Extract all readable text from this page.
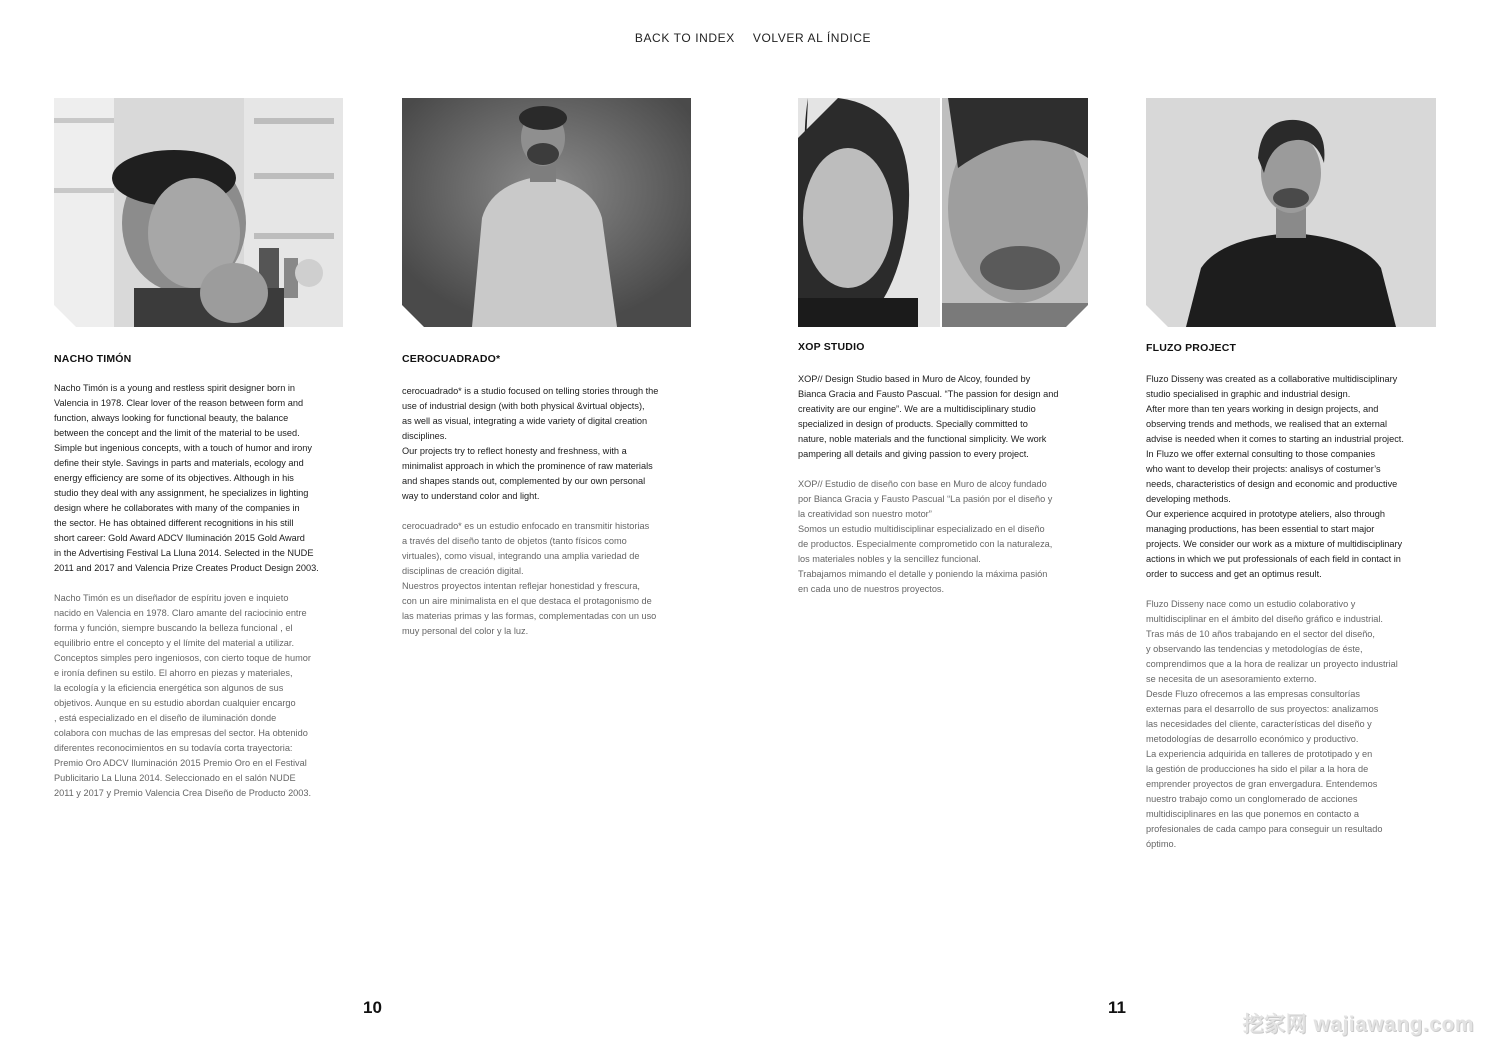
BACK TO INDEX VOLVER AL ÍNDICE
NACHO TIMÓN
Nacho Timón is a young and restless spirit designer born in
Valencia in 1978. Clear lover of the reason between form and
function, always looking for functional beauty, the balance
between the concept and the limit of the material to be used.
Simple but ingenious concepts, with a touch of humor and irony
define their style. Savings in parts and materials, ecology and
energy efficiency are some of its objectives. Although in his
studio they deal with any assignment, he specializes in lighting
design where he collaborates with many of the companies in
the sector. He has obtained different recognitions in his still
short career: Gold Award ADCV Iluminación 2015 Gold Award
in the Advertising Festival La Lluna 2014. Selected in the NUDE
2011 and 2017 and Valencia Prize Creates Product Design 2003.
Nacho Timón es un diseñador de espíritu joven e inquieto
nacido en Valencia en 1978. Claro amante del raciocinio entre
forma y función, siempre buscando la belleza funcional , el
equilibrio entre el concepto y el límite del material a utilizar.
Conceptos simples pero ingeniosos, con cierto toque de humor
e ironía definen su estilo. El ahorro en piezas y materiales,
la ecología y la eficiencia energética son algunos de sus
objetivos. Aunque en su estudio abordan cualquier encargo
, está especializado en el diseño de iluminación donde
colabora con muchas de las empresas del sector. Ha obtenido
diferentes reconocimientos en su todavía corta trayectoria:
Premio Oro ADCV Iluminación 2015 Premio Oro en el Festival
Publicitario La Lluna 2014. Seleccionado en el salón NUDE
2011 y 2017 y Premio Valencia Crea Diseño de Producto 2003.
CEROCUADRADO*
cerocuadrado* is a studio focused on telling stories through the
use of industrial design (with both physical &virtual objects),
as well as visual, integrating a wide variety of digital creation
disciplines.
Our projects try to reflect honesty and freshness, with a
minimalist approach in which the prominence of raw materials
and shapes stands out, complemented by our own personal
way to understand color and light.
cerocuadrado* es un estudio enfocado en transmitir historias
a través del diseño tanto de objetos (tanto físicos como
virtuales), como visual, integrando una amplia variedad de
disciplinas de creación digital.
Nuestros proyectos intentan reflejar honestidad y frescura,
con un aire minimalista en el que destaca el protagonismo de
las materias primas y las formas, complementadas con un uso
muy personal del color y la luz.
10
XOP STUDIO
XOP// Design Studio based in Muro de Alcoy, founded by
Bianca Gracia and Fausto Pascual. “The passion for design and
creativity are our engine”. We are a multidisciplinary studio
specialized in design of products. Specially committed to
nature, noble materials and the functional simplicity. We work
pampering all details and giving passion to every project.
XOP// Estudio de diseño con base en Muro de alcoy fundado
por Bianca Gracia y Fausto Pascual “La pasión por el diseño y
la creatividad son nuestro motor”
Somos un estudio multidisciplinar especializado en el diseño
de productos. Especialmente comprometido con la naturaleza,
los materiales nobles y la sencillez funcional.
Trabajamos mimando el detalle y poniendo la máxima pasión
en cada uno de nuestros proyectos.
FLUZO PROJECT
Fluzo Disseny was created as a collaborative multidisciplinary
studio specialised in graphic and industrial design.
After more than ten years working in design projects, and
observing trends and methods, we realised that an external
advise is needed when it comes to starting an industrial project.
In Fluzo we offer external consulting to those companies
who want to develop their projects: analisys of costumer’s
needs, characteristics of design and economic and productive
developing methods.
Our experience acquired in prototype ateliers, also through
managing productions, has been essential to start major
projects. We consider our work as a mixture of multidisciplinary
actions in which we put professionals of each field in contact in
order to success and get an optimus result.
Fluzo Disseny nace como un estudio colaborativo y
multidisciplinar en el ámbito del diseño gráfico e industrial.
Tras más de 10 años trabajando en el sector del diseño,
y observando las tendencias y metodologías de éste,
comprendimos que a la hora de realizar un proyecto industrial
se necesita de un asesoramiento externo.
Desde Fluzo ofrecemos a las empresas consultorías
externas para el desarrollo de sus proyectos: analizamos
las necesidades del cliente, características del diseño y
metodologías de desarrollo económico y productivo.
La experiencia adquirida en talleres de prototipado y en
la gestión de producciones ha sido el pilar a la hora de
emprender proyectos de gran envergadura. Entendemos
nuestro trabajo como un conglomerado de acciones
multidisciplinares en las que ponemos en contacto a
profesionales de cada campo para conseguir un resultado
óptimo.
11
挖家网 wajiawang.com
